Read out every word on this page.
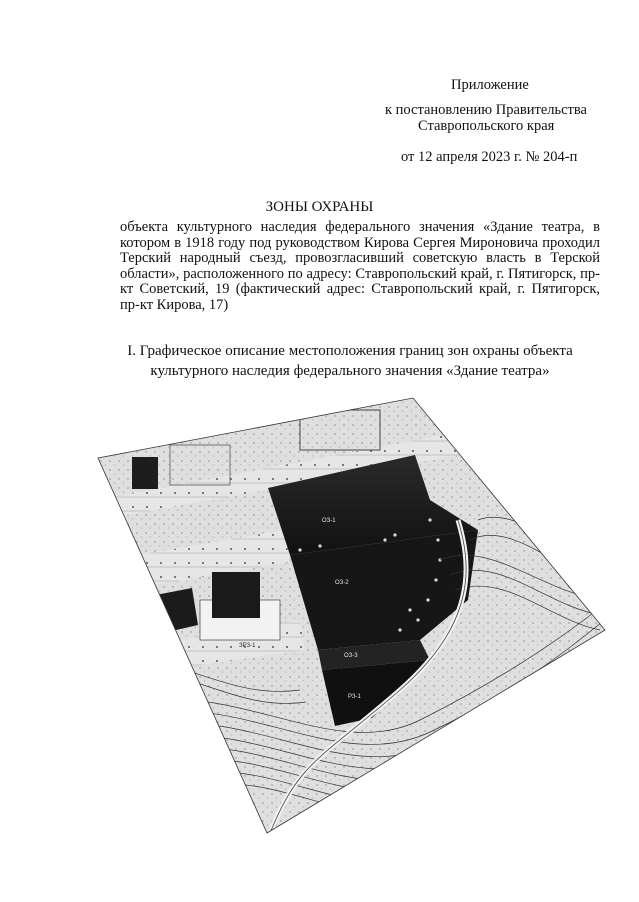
Приложение
к постановлению Правительства
Ставропольского края
от 12 апреля 2023 г. № 204-п
ЗОНЫ ОХРАНЫ
объекта культурного наследия федерального значения «Здание театра, в котором в 1918 году под руководством Кирова Сергея Мироновича проходил Терский народный съезд, провозгласивший советскую власть в Терской области», расположенного по адресу: Ставропольский край, г. Пятигорск, пр-кт Советский, 19 (фактический адрес: Ставропольский край, г. Пятигорск, пр-кт Кирова, 17)
I. Графическое описание местоположения границ зон охраны объекта
культурного наследия федерального значения «Здание театра»
ОЗ-1
ОЗ-2
ОЗ-3
РЗ-1
ЗРЗ-1
